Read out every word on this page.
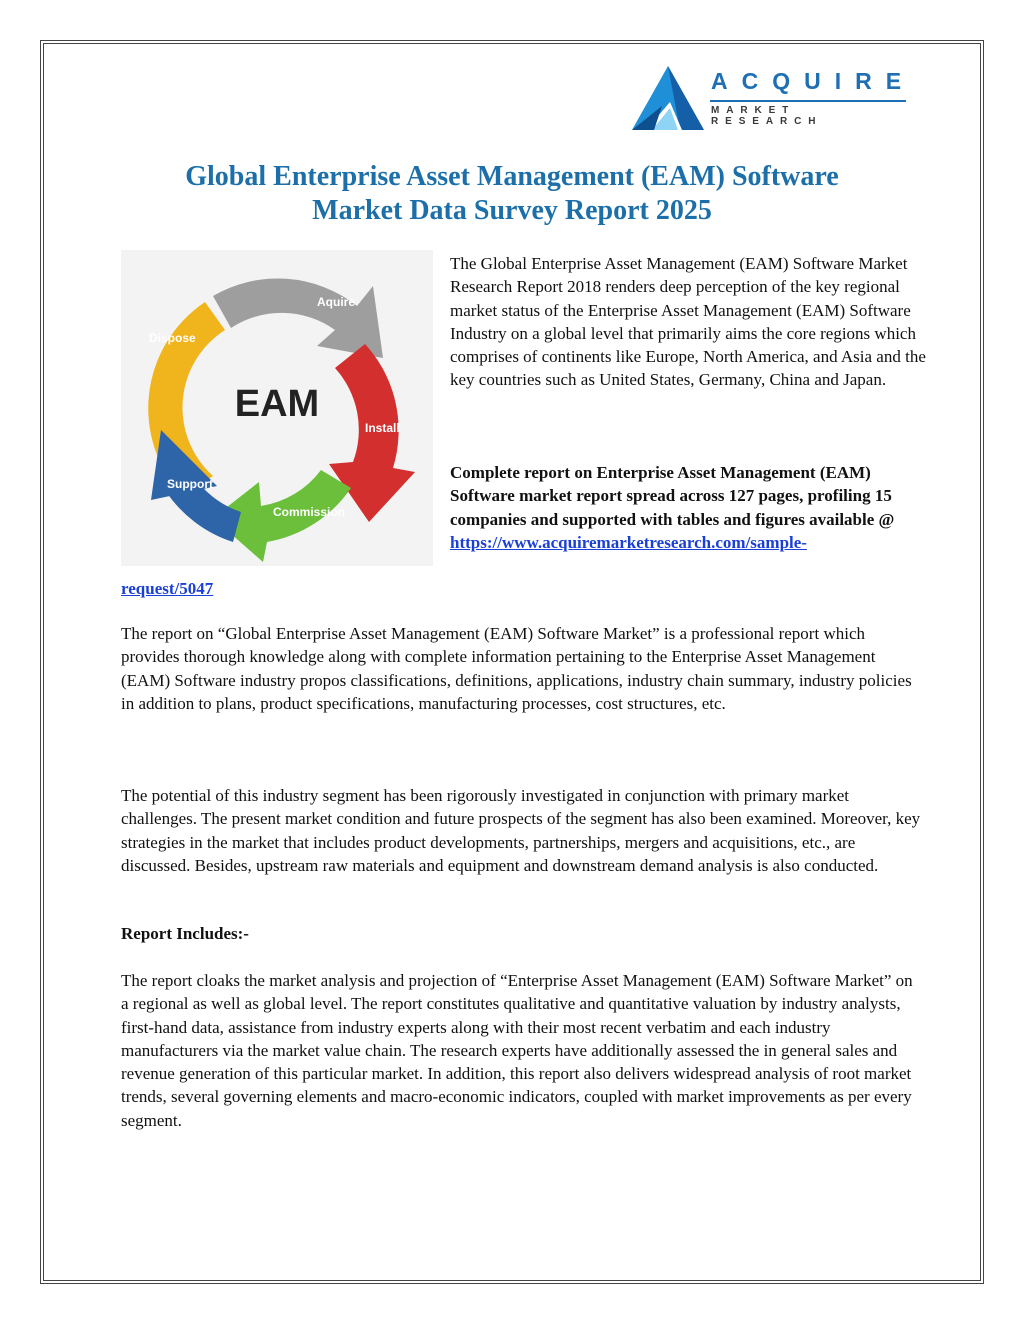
ACQUIRE
MARKET RESEARCH
Global Enterprise Asset Management (EAM) Software
Market Data Survey Report 2025
Aquire
Install
Commission
Support
Dispose
EAM

The Global Enterprise Asset Management (EAM) Software Market Research Report 2018 renders deep perception of the key regional market status of the Enterprise Asset Management (EAM) Software Industry on a global level that primarily aims the core regions which comprises of continents like Europe, North America, and Asia and the key countries such as United States, Germany, China and Japan.

Complete report on Enterprise Asset Management (EAM) Software market report spread across 127 pages, profiling 15 companies and supported with tables and figures available @
https://www.acquiremarketresearch.com/sample-
request/5047

The report on “Global Enterprise Asset Management (EAM) Software Market” is a professional report which provides thorough knowledge along with complete information pertaining to the Enterprise Asset Management (EAM) Software industry propos classifications, definitions, applications, industry chain summary, industry policies in addition to plans, product specifications, manufacturing processes, cost structures, etc.

The potential of this industry segment has been rigorously investigated in conjunction with primary market challenges. The present market condition and future prospects of the segment has also been examined. Moreover, key strategies in the market that includes product developments, partnerships, mergers and acquisitions, etc., are discussed. Besides, upstream raw materials and equipment and downstream demand analysis is also conducted.

Report Includes:-

The report cloaks the market analysis and projection of “Enterprise Asset Management (EAM) Software Market” on a regional as well as global level. The report constitutes qualitative and quantitative valuation by industry analysts, first-hand data, assistance from industry experts along with their most recent verbatim and each industry manufacturers via the market value chain. The research experts have additionally assessed the in general sales and revenue generation of this particular market. In addition, this report also delivers widespread analysis of root market trends, several governing elements and macro-economic indicators, coupled with market improvements as per every segment.
